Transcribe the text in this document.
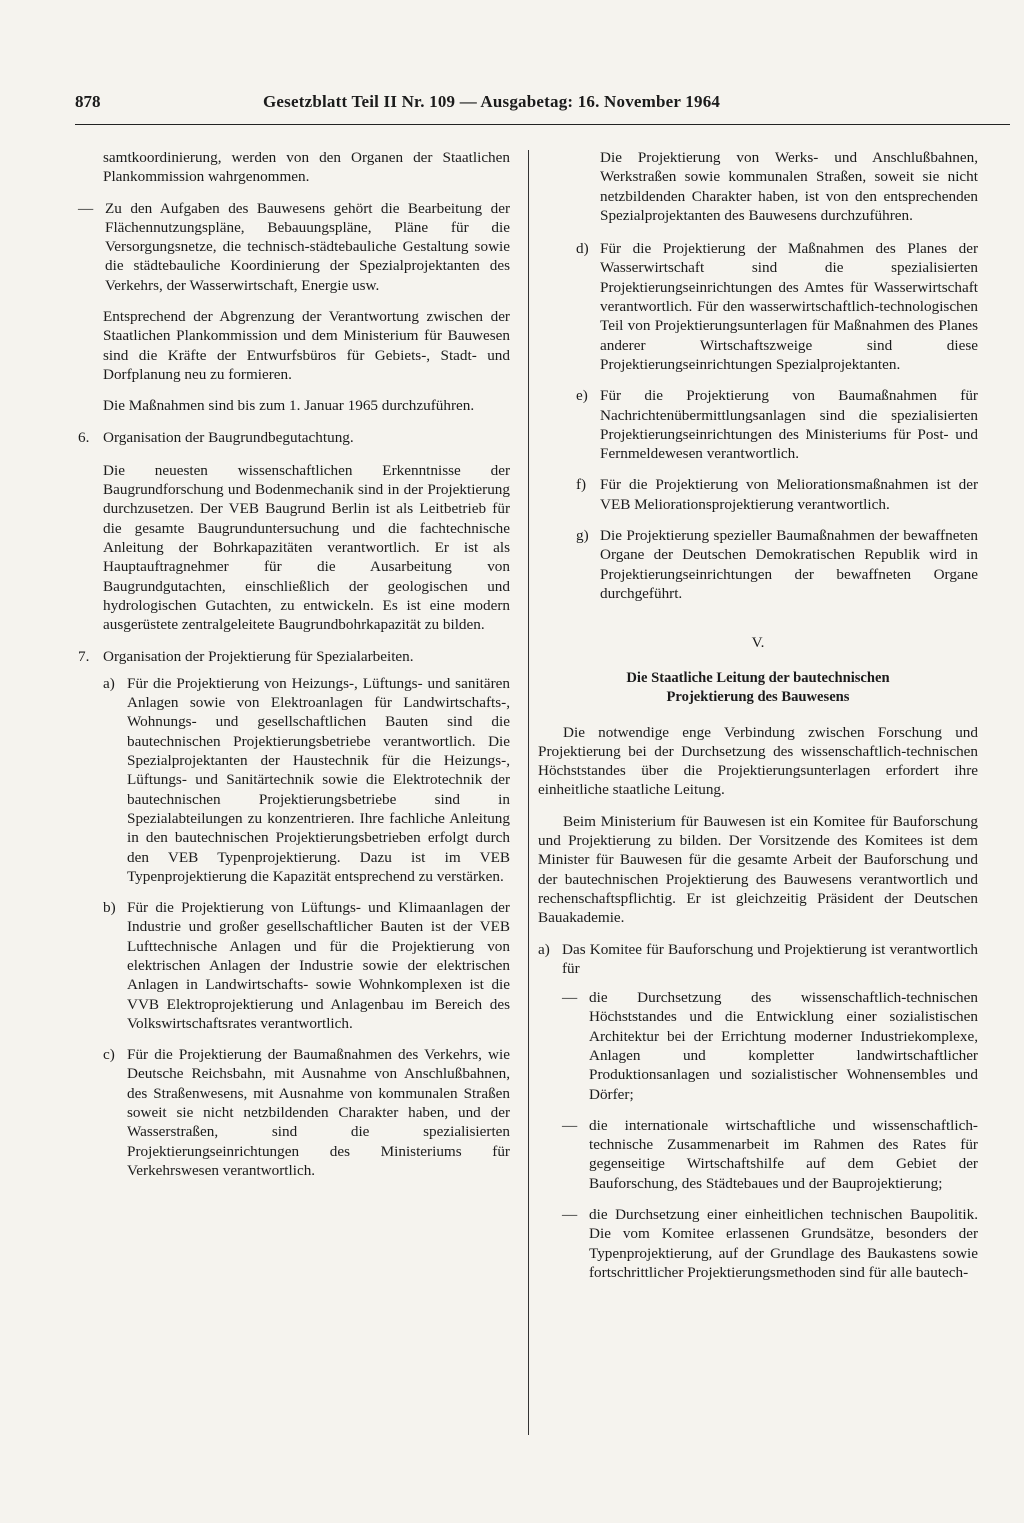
878	Gesetzblatt Teil II Nr. 109 — Ausgabetag: 16. November 1964

samtkoordinierung, werden von den Organen der Staatlichen Plankommission wahrgenommen.

— Zu den Aufgaben des Bauwesens gehört die Bearbeitung der Flächennutzungspläne, Bebauungspläne, Pläne für die Versorgungsnetze, die technisch-städtebauliche Gestaltung sowie die städtebauliche Koordinierung der Spezialprojektanten des Verkehrs, der Wasserwirtschaft, Energie usw.

Entsprechend der Abgrenzung der Verantwortung zwischen der Staatlichen Plankommission und dem Ministerium für Bauwesen sind die Kräfte der Entwurfsbüros für Gebiets-, Stadt- und Dorfplanung neu zu formieren.

Die Maßnahmen sind bis zum 1. Januar 1965 durchzuführen.

6. Organisation der Baugrundbegutachtung.

Die neuesten wissenschaftlichen Erkenntnisse der Baugrundforschung und Bodenmechanik sind in der Projektierung durchzusetzen. Der VEB Baugrund Berlin ist als Leitbetrieb für die gesamte Baugrunduntersuchung und die fachtechnische Anleitung der Bohrkapazitäten verantwortlich. Er ist als Hauptauftragnehmer für die Ausarbeitung von Baugrundgutachten, einschließlich der geologischen und hydrologischen Gutachten, zu entwickeln. Es ist eine modern ausgerüstete zentralgeleitete Baugrundbohrkapazität zu bilden.

7. Organisation der Projektierung für Spezialarbeiten.
a) Für die Projektierung von Heizungs-, Lüftungs- und sanitären Anlagen sowie von Elektroanlagen für Landwirtschafts-, Wohnungs- und gesellschaftlichen Bauten sind die bautechnischen Projektierungsbetriebe verantwortlich. Die Spezialprojektanten der Haustechnik für die Heizungs-, Lüftungs- und Sanitärtechnik sowie die Elektrotechnik der bautechnischen Projektierungsbetriebe sind in Spezialabteilungen zu konzentrieren. Ihre fachliche Anleitung in den bautechnischen Projektierungsbetrieben erfolgt durch den VEB Typenprojektierung. Dazu ist im VEB Typenprojektierung die Kapazität entsprechend zu verstärken.
b) Für die Projektierung von Lüftungs- und Klimaanlagen der Industrie und großer gesellschaftlicher Bauten ist der VEB Lufttechnische Anlagen und für die Projektierung von elektrischen Anlagen der Industrie sowie der elektrischen Anlagen in Landwirtschafts- sowie Wohnkomplexen ist die VVB Elektroprojektierung und Anlagenbau im Bereich des Volkswirtschaftsrates verantwortlich.
c) Für die Projektierung der Baumaßnahmen des Verkehrs, wie Deutsche Reichsbahn, mit Ausnahme von Anschlußbahnen, des Straßenwesens, mit Ausnahme von kommunalen Straßen soweit sie nicht netzbildenden Charakter haben, und der Wasserstraßen, sind die spezialisierten Projektierungseinrichtungen des Ministeriums für Verkehrswesen verantwortlich.

Die Projektierung von Werks- und Anschlußbahnen, Werkstraßen sowie kommunalen Straßen, soweit sie nicht netzbildenden Charakter haben, ist von den entsprechenden Spezialprojektanten des Bauwesens durchzuführen.

d) Für die Projektierung der Maßnahmen des Planes der Wasserwirtschaft sind die spezialisierten Projektierungseinrichtungen des Amtes für Wasserwirtschaft verantwortlich. Für den wasserwirtschaftlich-technologischen Teil von Projektierungsunterlagen für Maßnahmen des Planes anderer Wirtschaftszweige sind diese Projektierungseinrichtungen Spezialprojektanten.
e) Für die Projektierung von Baumaßnahmen für Nachrichtenübermittlungsanlagen sind die spezialisierten Projektierungseinrichtungen des Ministeriums für Post- und Fernmeldewesen verantwortlich.
f) Für die Projektierung von Meliorationsmaßnahmen ist der VEB Meliorationsprojektierung verantwortlich.
g) Die Projektierung spezieller Baumaßnahmen der bewaffneten Organe der Deutschen Demokratischen Republik wird in Projektierungseinrichtungen der bewaffneten Organe durchgeführt.
V.
Die Staatliche Leitung der bautechnischen
Projektierung des Bauwesens

Die notwendige enge Verbindung zwischen Forschung und Projektierung bei der Durchsetzung des wissenschaftlich-technischen Höchststandes über die Projektierungsunterlagen erfordert ihre einheitliche staatliche Leitung.

Beim Ministerium für Bauwesen ist ein Komitee für Bauforschung und Projektierung zu bilden. Der Vorsitzende des Komitees ist dem Minister für Bauwesen für die gesamte Arbeit der Bauforschung und der bautechnischen Projektierung des Bauwesens verantwortlich und rechenschaftspflichtig. Er ist gleichzeitig Präsident der Deutschen Bauakademie.

a) Das Komitee für Bauforschung und Projektierung ist verantwortlich für
— die Durchsetzung des wissenschaftlich-technischen Höchststandes und die Entwicklung einer sozialistischen Architektur bei der Errichtung moderner Industriekomplexe, Anlagen und kompletter landwirtschaftlicher Produktionsanlagen und sozialistischer Wohnensembles und Dörfer;
— die internationale wirtschaftliche und wissenschaftlich-technische Zusammenarbeit im Rahmen des Rates für gegenseitige Wirtschaftshilfe auf dem Gebiet der Bauforschung, des Städtebaues und der Bauprojektierung;
— die Durchsetzung einer einheitlichen technischen Baupolitik. Die vom Komitee erlassenen Grundsätze, besonders der Typenprojektierung, auf der Grundlage des Baukastens sowie fortschrittlicher Projektierungsmethoden sind für alle bautech-
